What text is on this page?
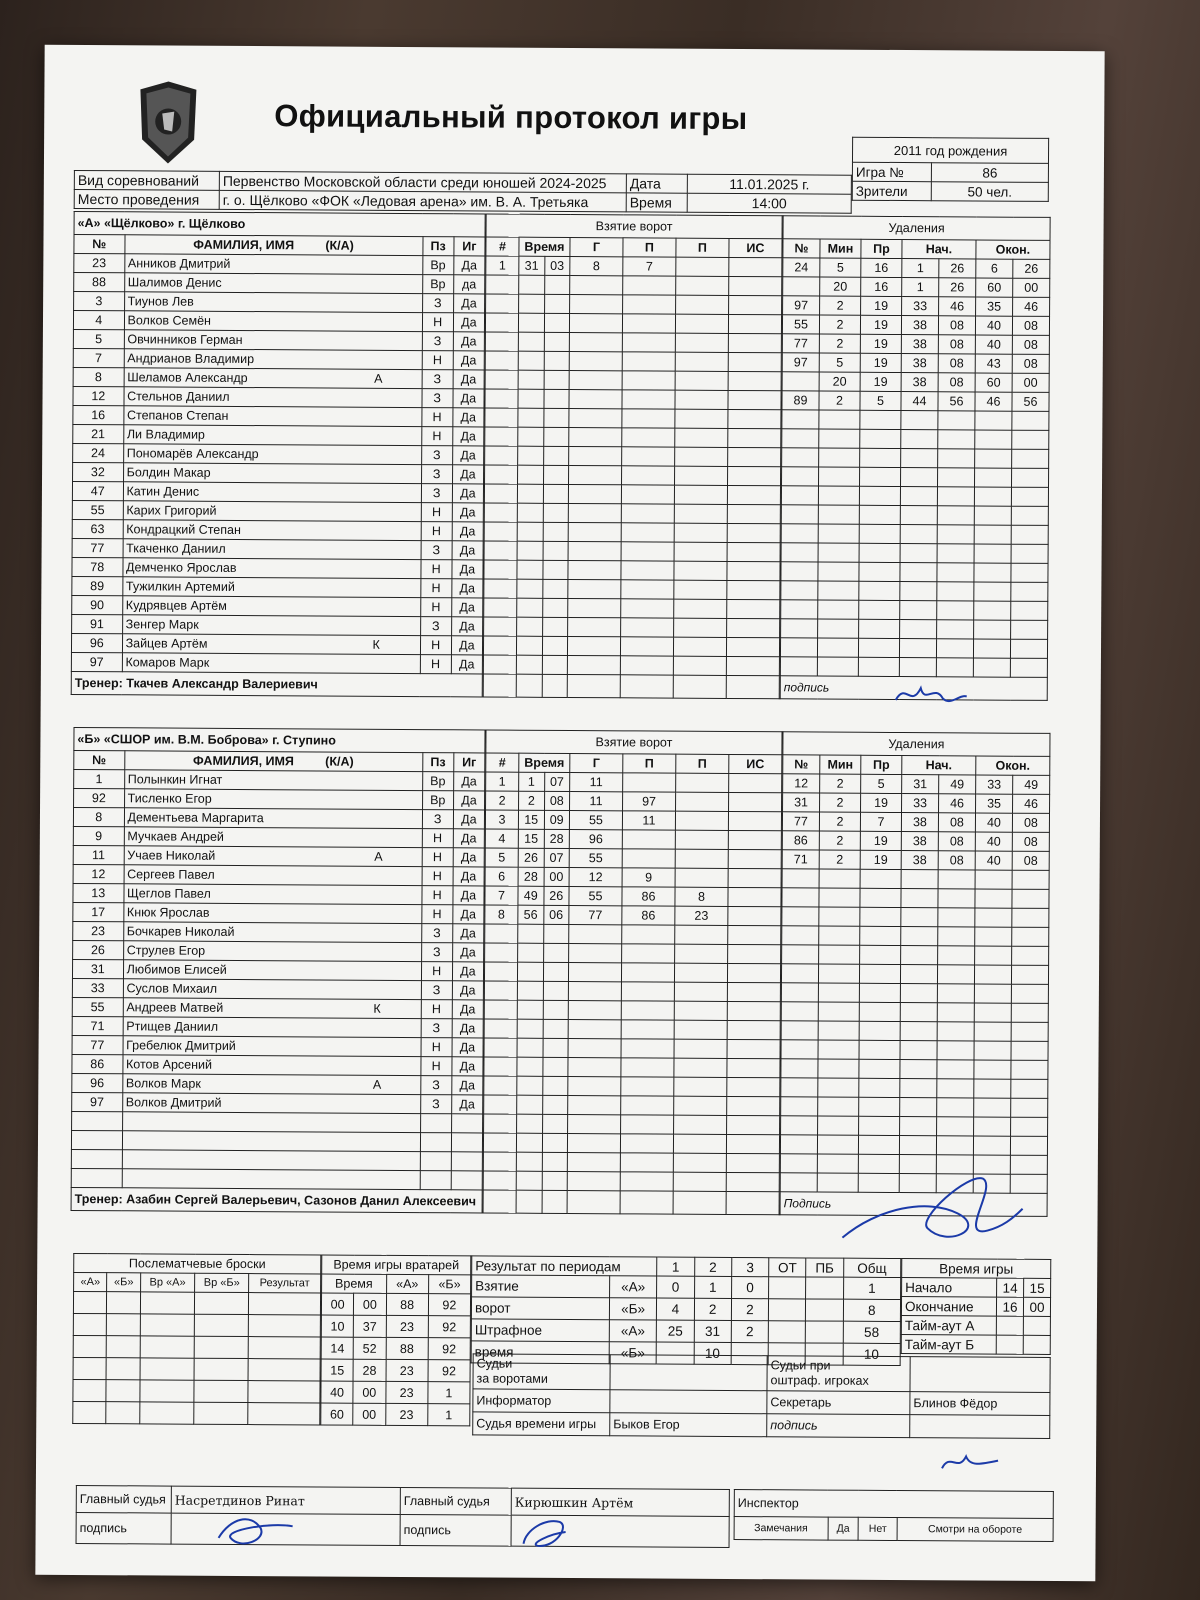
Официальный протокол игры
2011 год рождения	
Игра №	86
Зрители	50 чел.
Вид соревнований	Первенство Московской области среди юношей 2024-2025	Дата	11.01.2025 г.
Место проведения	г. о. Щёлково «ФОК «Ледовая арена» им. В. А. Третьяка	Время	14:00
«А» «Щёлково» г. Щёлково			
№	ФАМИЛИЯ, ИМЯ (К/А)	Пз	Иг
23	Анников Дмитрий	Вр	Да
88	Шалимов Денис	Вр	да
3	Тиунов Лев	З	Да
4	Волков Семён	Н	Да
5	Овчинников Герман	З	Да
7	Андрианов Владимир	Н	Да
8	Шеламов Александр А	З	Да
12	Стельнов Даниил	З	Да
16	Степанов Степан	Н	Да
21	Ли Владимир	Н	Да
24	Пономарёв Александр	З	Да
32	Болдин Макар	З	Да
47	Катин Денис	З	Да
55	Карих Григорий	Н	Да
63	Кондрацкий Степан	Н	Да
77	Ткаченко Даниил	З	Да
78	Демченко Ярослав	Н	Да
89	Тужилкин Артемий	Н	Да
90	Кудрявцев Артём	Н	Да
91	Зенгер Марк	З	Да
96	Зайцев Артём К	Н	Да
97	Комаров Марк	Н	Да
Тренер: Ткачев Александр Валериевич			
Взятие ворот						
#	Время		Г	П	П	ИС
1	31	03	8	7		

Удаления						
№	Мин	Пр	Нач.		Окон.	
24	5	16	1	26	6	26
	20	16	1	26	60	00
97	2	19	33	46	35	46
55	2	19	38	08	40	08
77	2	19	38	08	40	08
97	5	19	38	08	43	08
	20	19	38	08	60	00
89	2	5	44	56	46	56

подпись						
«Б» «СШОР им. В.М. Боброва» г. Ступино			
№	ФАМИЛИЯ, ИМЯ (К/А)	Пз	Иг
1	Полынкин Игнат	Вр	Да
92	Тисленко Егор	Вр	Да
8	Дементьева Маргарита	З	Да
9	Мучкаев Андрей	Н	Да
11	Учаев Николай А	Н	Да
12	Сергеев Павел	Н	Да
13	Щеглов Павел	Н	Да
17	Кнюк Ярослав	Н	Да
23	Бочкарев Николай	З	Да
26	Струлев Егор	З	Да
31	Любимов Елисей	Н	Да
33	Суслов Михаил	З	Да
55	Андреев Матвей К	Н	Да
71	Ртищев Даниил	З	Да
77	Гребелюк Дмитрий	Н	Да
86	Котов Арсений	Н	Да
96	Волков Марк А	З	Да
97	Волков Дмитрий	З	Да

Тренер: Азабин Сергей Валерьевич, Сазонов Данил Алексеевич			
Взятие ворот						
#	Время		Г	П	П	ИС
1	1	07	11			
2	2	08	11	97		
3	15	09	55	11		
4	15	28	96			
5	26	07	55			
6	28	00	12	9		
7	49	26	55	86	8	
8	56	06	77	86	23	

Удаления						
№	Мин	Пр	Нач.		Окон.	
12	2	5	31	49	33	49
31	2	19	33	46	35	46
77	2	7	38	08	40	08
86	2	19	38	08	40	08
71	2	19	38	08	40	08

Подпись						
Послематчевые броски				
«А»	«Б»	Вр «А»	Вр «Б»	Результат

Время игры вратарей			
Время		«А»	«Б»
00	00	88	92
10	37	23	92
14	52	88	92
15	28	23	92
40	00	23	1
60	00	23	1
Результат по периодам		1	2	3	ОТ	ПБ	Общ
Взятие	«А»	0	1	0			1
ворот	«Б»	4	2	2			8
Штрафное	«А»	25	31	2			58
время	«Б»		10				10
Время игры		
Начало	14	15
Окончание	16	00
Тайм-аут А		
Тайм-аут Б		
Судьи
за воротами		Судьи при
оштраф. игроках	
Информатор		Секретарь	Блинов Фёдор
Судья времени игры	Быков Егор	подпись	
Главный судья	Насретдинов Ринат	Главный судья	Кирюшкин Артём
подпись		подпись	
Инспектор
Замечания	Да	Нет	Смотри на обороте
